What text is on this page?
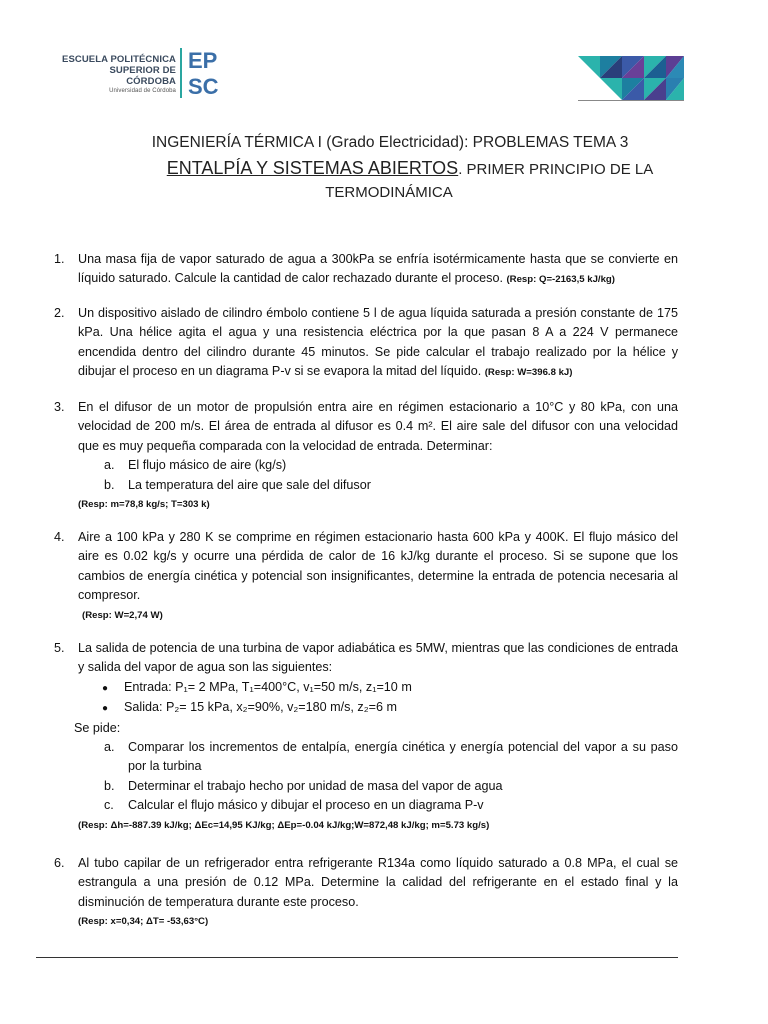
ESCUELA POLITÉCNICA
SUPERIOR DE CÓRDOBA
Universidad de Córdoba
EP
SC
INGENIERÍA TÉRMICA I (Grado Electricidad): PROBLEMAS TEMA 3
ENTALPÍA Y SISTEMAS ABIERTOS. PRIMER PRINCIPIO DE LA
TERMODINÁMICA
1.	Una masa fija de vapor saturado de agua a 300kPa se enfría isotérmicamente hasta que se convierte en líquido saturado. Calcule la cantidad de calor rechazado durante el proceso. (Resp: Q=-2163,5 kJ/kg)
2.	Un dispositivo aislado de cilindro émbolo contiene 5 l de agua líquida saturada a presión constante de 175 kPa. Una hélice agita el agua y una resistencia eléctrica por la que pasan 8 A a 224 V permanece encendida dentro del cilindro durante 45 minutos. Se pide calcular el trabajo realizado por la hélice y dibujar el proceso en un diagrama P-v si se evapora la mitad del líquido. (Resp: W=396.8 kJ)
3.	En el difusor de un motor de propulsión entra aire en régimen estacionario a 10°C y 80 kPa, con una velocidad de 200 m/s. El área de entrada al difusor es 0.4 m². El aire sale del difusor con una velocidad que es muy pequeña comparada con la velocidad de entrada. Determinar:
a. El flujo másico de aire (kg/s)
b. La temperatura del aire que sale del difusor
(Resp: m=78,8 kg/s; T=303 k)
4.	Aire a 100 kPa y 280 K se comprime en régimen estacionario hasta 600 kPa y 400K. El flujo másico del aire es 0.02 kg/s y ocurre una pérdida de calor de 16 kJ/kg durante el proceso. Si se supone que los cambios de energía cinética y potencial son insignificantes, determine la entrada de potencia necesaria al compresor.
(Resp: W=2,74 W)
5.	La salida de potencia de una turbina de vapor adiabática es 5MW, mientras que las condiciones de entrada y salida del vapor de agua son las siguientes:
● Entrada: P₁= 2 MPa, T₁=400°C, v₁=50 m/s, z₁=10 m
● Salida: P₂= 15 kPa, x₂=90%, v₂=180 m/s, z₂=6 m
Se pide:
a.	Comparar los incrementos de entalpía, energía cinética y energía potencial del vapor a su paso por la turbina
b. Determinar el trabajo hecho por unidad de masa del vapor de agua
c. Calcular el flujo másico y dibujar el proceso en un diagrama P-v
(Resp: Δh=-887.39 kJ/kg; ΔEc=14,95 KJ/kg; ΔEp=-0.04 kJ/kg;W=872,48 kJ/kg; m=5.73 kg/s)
6.	Al tubo capilar de un refrigerador entra refrigerante R134a como líquido saturado a 0.8 MPa, el cual se estrangula a una presión de 0.12 MPa. Determine la calidad del refrigerante en el estado final y la disminución de temperatura durante este proceso.
(Resp: x=0,34; ΔT= -53,63°C)
